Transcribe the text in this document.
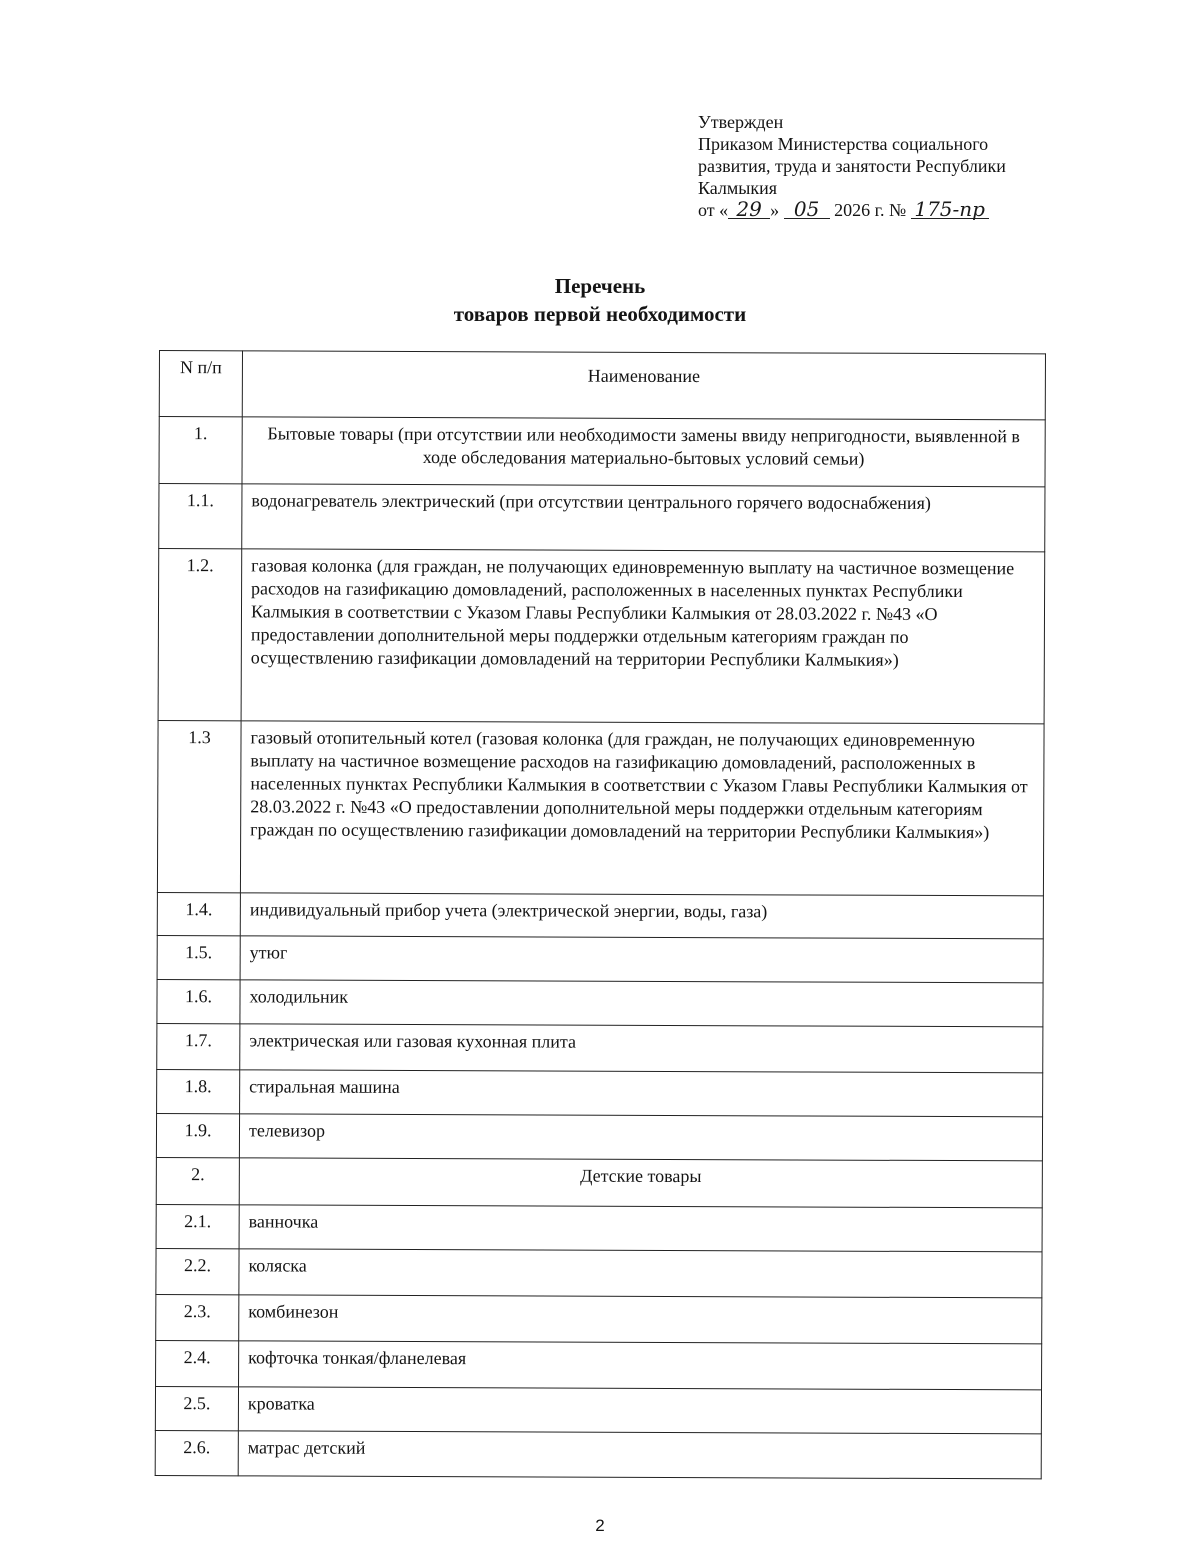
Утвержден
Приказом Министерства социального
развития, труда и занятости Республики
Калмыкия
от « 29 » 05 2026 г. № 175-пр
Перечень
товаров первой необходимости
N п/п	Наименование
1.	Бытовые товары (при отсутствии или необходимости замены ввиду непригодности, выявленной в ходе обследования материально-бытовых условий семьи)
1.1.	водонагреватель электрический (при отсутствии центрального горячего водоснабжения)
1.2.	газовая колонка (для граждан, не получающих единовременную выплату на частичное возмещение расходов на газификацию домовладений, расположенных в населенных пунктах Республики Калмыкия в соответствии с Указом Главы Республики Калмыкия от 28.03.2022 г. №43 «О предоставлении дополнительной меры поддержки отдельным категориям граждан по осуществлению газификации домовладений на территории Республики Калмыкия»)
1.3	газовый отопительный котел (газовая колонка (для граждан, не получающих единовременную выплату на частичное возмещение расходов на газификацию домовладений, расположенных в населенных пунктах Республики Калмыкия в соответствии с Указом Главы Республики Калмыкия от 28.03.2022 г. №43 «О предоставлении дополнительной меры поддержки отдельным категориям граждан по осуществлению газификации домовладений на территории Республики Калмыкия»)
1.4.	индивидуальный прибор учета (электрической энергии, воды, газа)
1.5.	утюг
1.6.	холодильник
1.7.	электрическая или газовая кухонная плита
1.8.	стиральная машина
1.9.	телевизор
2.	Детские товары
2.1.	ванночка
2.2.	коляска
2.3.	комбинезон
2.4.	кофточка тонкая/фланелевая
2.5.	кроватка
2.6.	матрас детский
2
